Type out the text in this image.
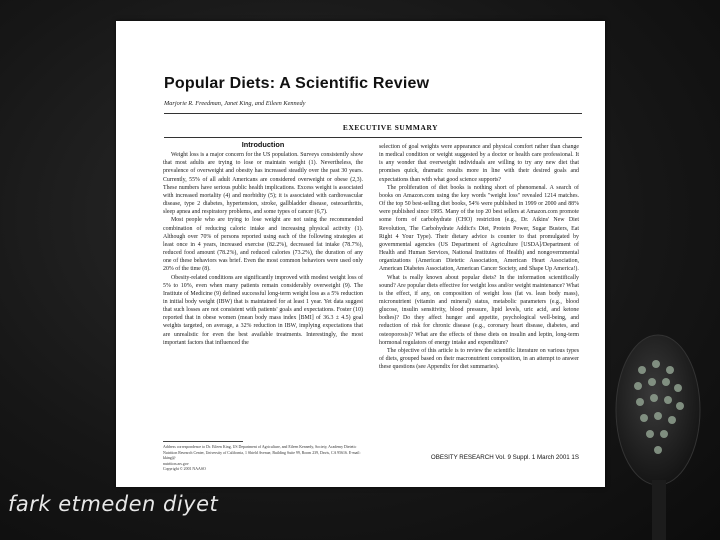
Popular Diets: A Scientific Review
Marjorie R. Freedman, Janet King, and Eileen Kennedy
EXECUTIVE SUMMARY
Introduction

Weight loss is a major concern for the US population. Surveys consistently show that most adults are trying to lose or maintain weight (1). Nevertheless, the prevalence of overweight and obesity has increased steadily over the past 30 years. Currently, 55% of all adult Americans are considered overweight or obese (2,3). These numbers have serious public health implications. Excess weight is associated with increased mortality (4) and morbidity (5); it is associated with cardiovascular disease, type 2 diabetes, hypertension, stroke, gallbladder disease, osteoarthritis, sleep apnea and respiratory problems, and some types of cancer (6,7).

Most people who are trying to lose weight are not using the recommended combination of reducing caloric intake and increasing physical activity (1). Although over 70% of persons reported using each of the following strategies at least once in 4 years, increased exercise (82.2%), decreased fat intake (78.7%), reduced food amount (78.2%), and reduced calories (73.2%), the duration of any one of these behaviors was brief. Even the most common behaviors were used only 20% of the time (8).

Obesity-related conditions are significantly improved with modest weight loss of 5% to 10%, even when many patients remain considerably overweight (9). The Institute of Medicine (9) defined successful long-term weight loss as a 5% reduction in initial body weight (IBW) that is maintained for at least 1 year. Yet data suggest that such losses are not consistent with patients' goals and expectations. Foster (10) reported that in obese women (mean body mass index [BMI] of 36.3 ± 4.5) goal weights targeted, on average, a 32% reduction in IBW, implying expectations that are unrealistic for even the best available treatments. Interestingly, the most important factors that influenced the

selection of goal weights were appearance and physical comfort rather than change in medical condition or weight suggested by a doctor or health care professional. It is any wonder that overweight individuals are willing to try any new diet that promises quick, dramatic results more in line with their desired goals and expectations than with what good science supports?

The proliferation of diet books is nothing short of phenomenal. A search of books on Amazon.com using the key words "weight loss" revealed 1214 matches. Of the top 50 best-selling diet books, 54% were published in 1999 or 2000 and 88% were published since 1995. Many of the top 20 best sellers at Amazon.com promote some form of carbohydrate (CHO) restriction (e.g., Dr. Atkins' New Diet Revolution, The Carbohydrate Addict's Diet, Protein Power, Sugar Busters, Eat Right 4 Your Type). Their dietary advice is counter to that promulgated by governmental agencies (US Department of Agriculture [USDA]/Department of Health and Human Services, National Institutes of Health) and nongovernmental organizations (American Dietetic Association, American Heart Association, American Diabetes Association, American Cancer Society, and Shape Up America!).

What is really known about popular diets? In the information scientifically sound? Are popular diets effective for weight loss and/or weight maintenance? What is the effect, if any, on composition of weight loss (fat vs. lean body mass), micronutrient (vitamin and mineral) status, metabolic parameters (e.g., blood glucose, insulin sensitivity, blood pressure, lipid levels, uric acid, and ketone bodies)? Do they affect hunger and appetite, psychological well-being, and reduction of risk for chronic disease (e.g., coronary heart disease, diabetes, and osteoporosis)? What are the effects of these diets on insulin and leptin, long-term hormonal regulators of energy intake and expenditure?

The objective of this article is to review the scientific literature on various types of diets, grouped based on their macronutrient composition, in an attempt to answer these questions (see Appendix for diet summaries).

Address correspondence to Dr. Eileen King, US Department of Agriculture, and Eileen Kennedy, Society, Academy Dietetic Nutrition Research Center, University of California, 1 Shield Avenue, Building Suite 99, Room 239, Davis, CA 95616. E-mail: kking@
nutrition.ars.gov
Copyright © 2001 NAASO
OBESITY RESEARCH Vol. 9 Suppl. 1 March 2001 1S
fark etmeden diyet
